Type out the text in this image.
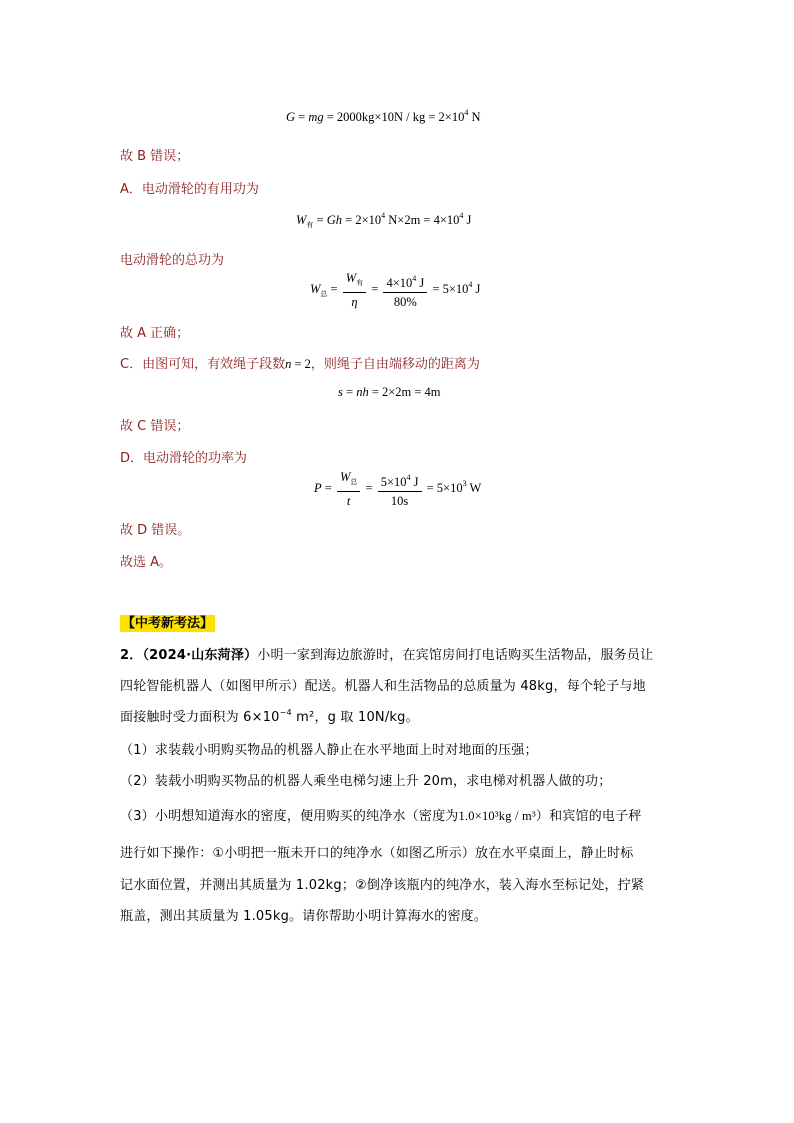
G = mg = 2000kg×10N / kg = $2\times 10^4$ N
故 B 错误；
A．电动滑轮的有用功为
$W_有 = Gh = 2\times 10^4$ $N\times 2m = 4\times 10^4$ J
电动滑轮的总功为
$W_总 = \frac{W_有}{\eta} = \frac{4\times 10^4 J}{80\%} = 5\times 10^4$ J
故 A 正确；
C．由图可知，有效绳子段数n = 2，则绳子自由端移动的距离为
s = nh = 2×2m = 4m
故 C 错误；
D．电动滑轮的功率为
$P = \frac{W_总}{t} = \frac{5\times 10^4 J}{10s} = 5\times 10^3$ W
故 D 错误。
故选 A。
【中考新考法】
2．（2024·山东菏泽）小明一家到海边旅游时，在宾馆房间打电话购买生活物品，服务员让
四轮智能机器人（如图甲所示）配送。机器人和生活物品的总质量为 48kg，每个轮子与地
面接触时受力面积为 $6\times 10^{-4}$ m²，g 取 10N/kg。
（1）求装载小明购买物品的机器人静止在水平地面上时对地面的压强；
（2）装载小明购买物品的机器人乘坐电梯匀速上升 20m，求电梯对机器人做的功；
（3）小明想知道海水的密度，便用购买的纯净水（密度为1.0×10³kg / m³）和宾馆的电子秤
进行如下操作：①小明把一瓶未开口的纯净水（如图乙所示）放在水平桌面上，静止时标
记水面位置，并测出其质量为 1.02kg；②倒净该瓶内的纯净水，装入海水至标记处，拧紧
瓶盖，测出其质量为 1.05kg。请你帮助小明计算海水的密度。
